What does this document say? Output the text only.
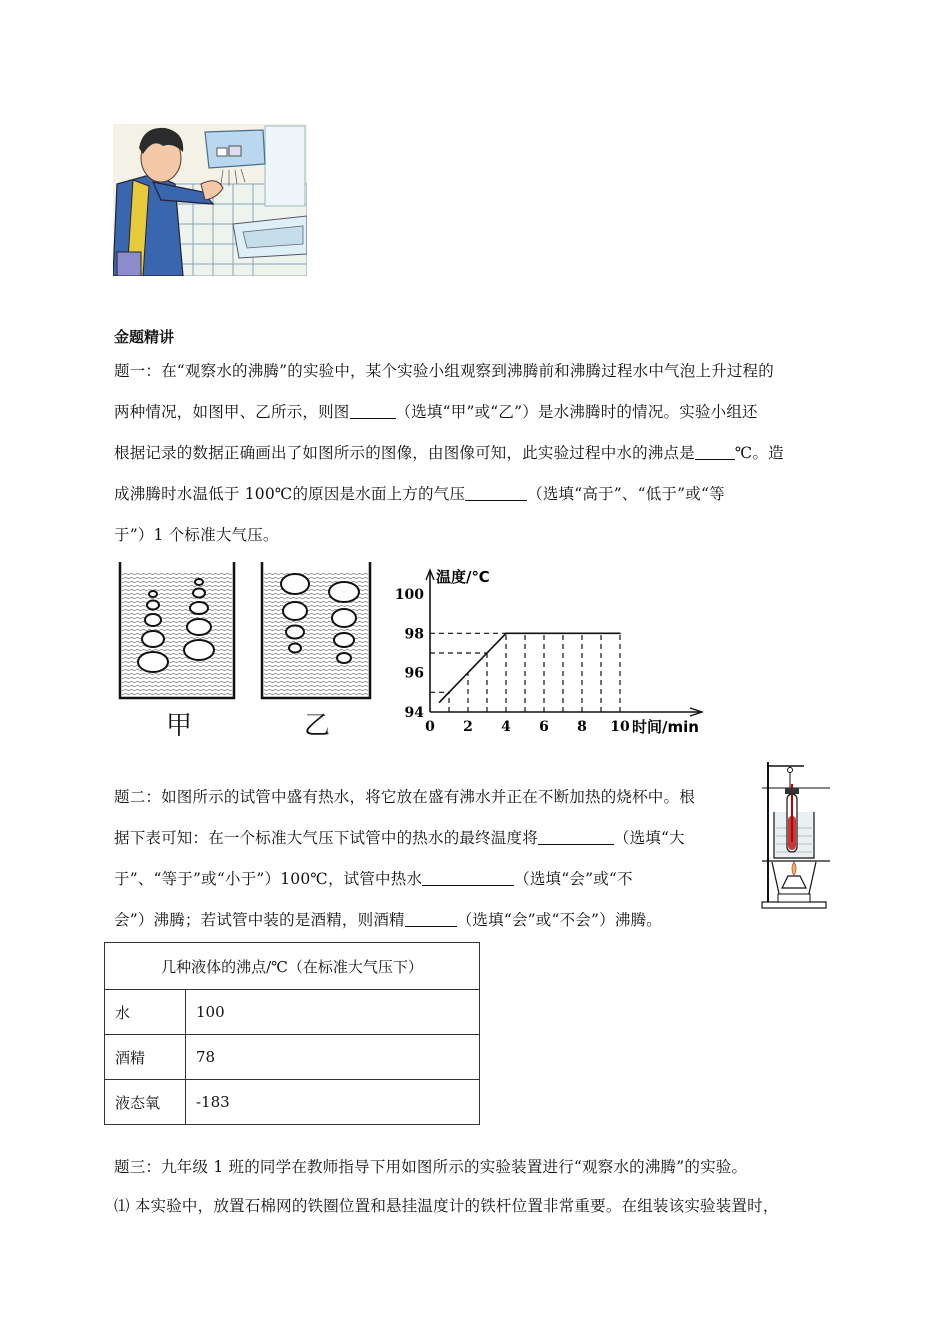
金题精讲
题一：在“观察水的沸腾”的实验中，某个实验小组观察到沸腾前和沸腾过程水中气泡上升过程的
两种情况，如图甲、乙所示，则图	（选填“甲”或“乙”）是水沸腾时的情况。实验小组还
根据记录的数据正确画出了如图所示的图像，由图像可知，此实验过程中水的沸点是	℃。造
成沸腾时水温低于 100℃的原因是水面上方的气压	（选填“高于”、“低于”或“等
于”）1 个标准大气压。
甲	乙	94
96
98
100
0 2 4 6 8 10
温度/℃
时间/min
题二：如图所示的试管中盛有热水，将它放在盛有沸水并正在不断加热的烧杯中。根
据下表可知：在一个标准大气压下试管中的热水的最终温度将	（选填“大
于”、“等于”或“小于”）100℃，试管中热水	（选填“会”或“不
会”）沸腾；若试管中装的是酒精，则酒精	（选填“会”或“不会”）沸腾。
几种液体的沸点/℃（在标准大气压下）	
水	100
酒精	78
液态氧	-183
题三：九年级 1 班的同学在教师指导下用如图所示的实验装置进行“观察水的沸腾”的实验。
⑴ 本实验中，放置石棉网的铁圈位置和悬挂温度计的铁杆位置非常重要。在组装该实验装置时，
